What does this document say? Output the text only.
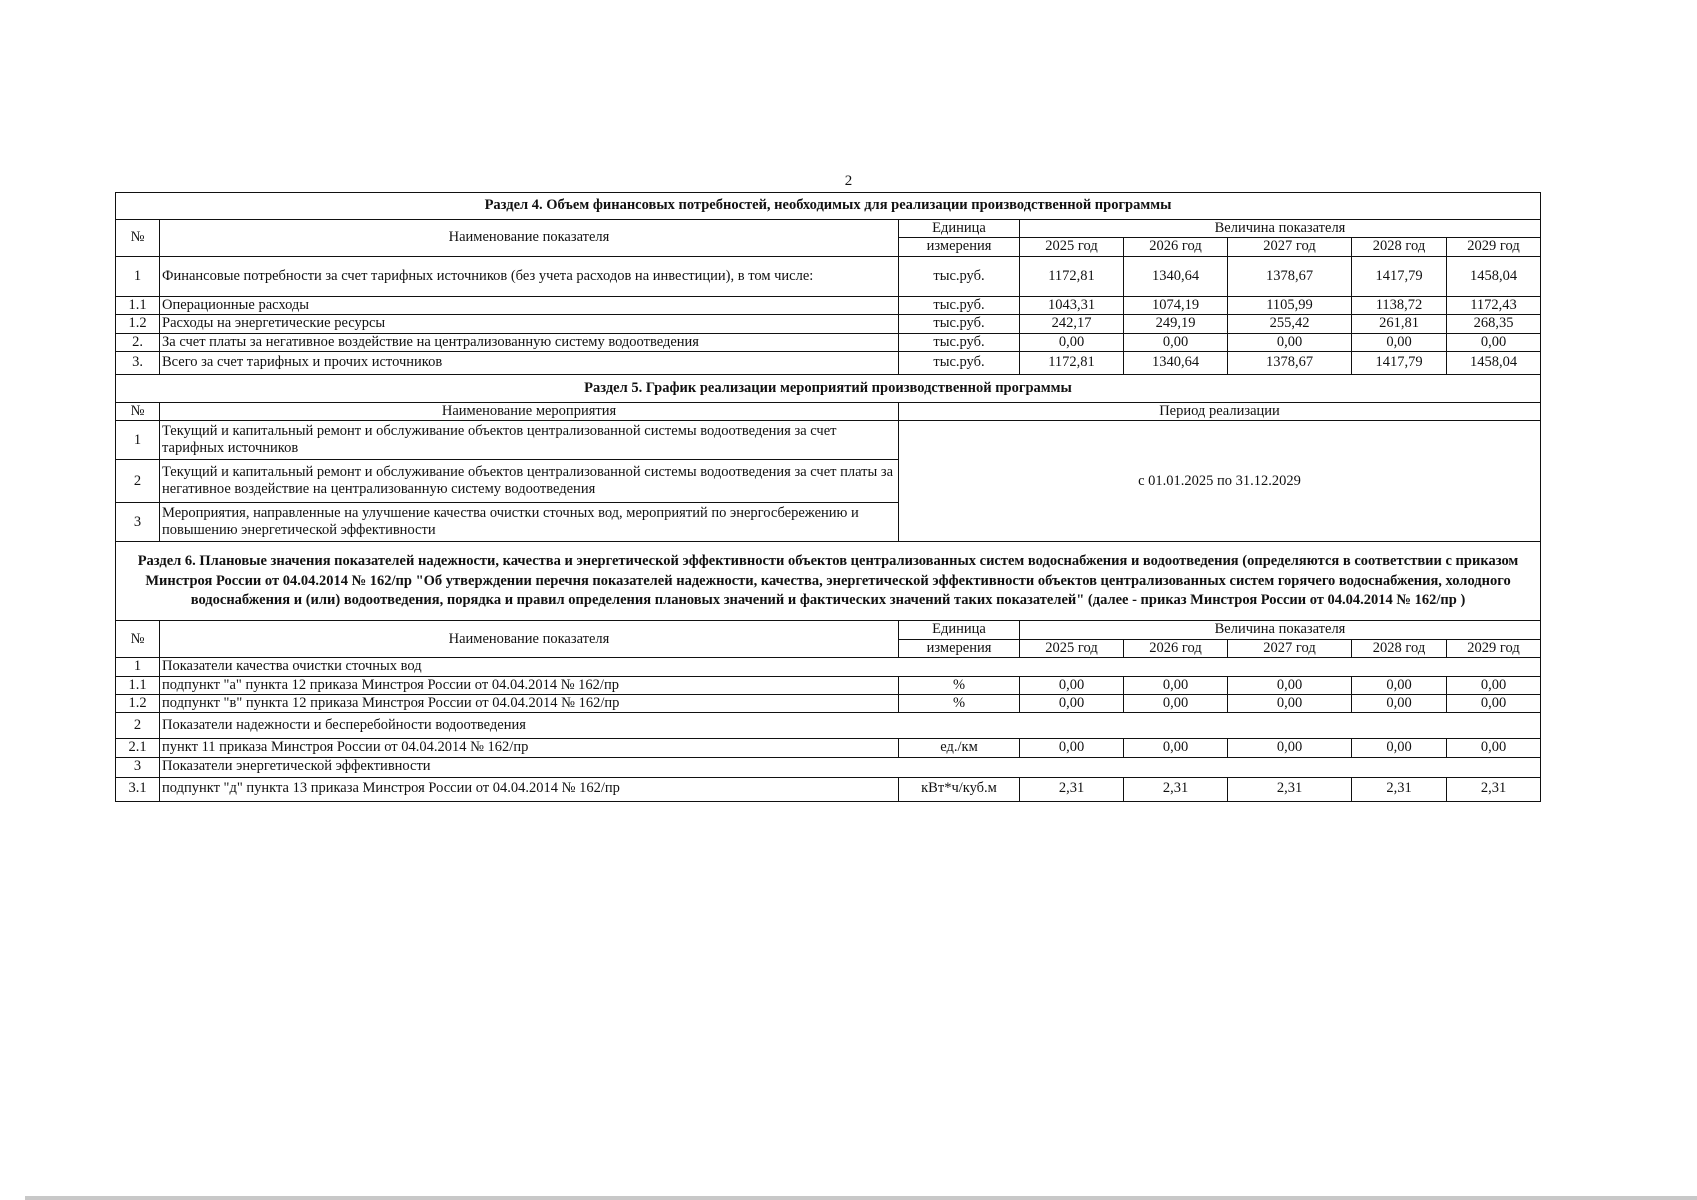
2
Раздел 4. Объем финансовых потребностей, необходимых для реализации производственной программы							
№	Наименование показателя	Единица	Величина показателя				
		измерения	2025 год	2026 год	2027 год	2028 год	2029 год
1	Финансовые потребности за счет тарифных источников (без учета расходов на инвестиции), в том числе:	тыс.руб.	1172,81	1340,64	1378,67	1417,79	1458,04
1.1	Операционные расходы	тыс.руб.	1043,31	1074,19	1105,99	1138,72	1172,43
1.2	Расходы на энергетические ресурсы	тыс.руб.	242,17	249,19	255,42	261,81	268,35
2.	За счет платы за негативное воздействие на централизованную систему водоотведения	тыс.руб.	0,00	0,00	0,00	0,00	0,00
3.	Всего за счет тарифных и прочих источников	тыс.руб.	1172,81	1340,64	1378,67	1417,79	1458,04
Раздел 5. График реализации мероприятий производственной программы							
№	Наименование мероприятия	Период реализации					
1	Текущий и капитальный ремонт и обслуживание объектов централизованной системы водоотведения за счет тарифных источников	с 01.01.2025 по 31.12.2029					
2	Текущий и капитальный ремонт и обслуживание объектов централизованной системы водоотведения за счет платы за негативное воздействие на централизованную систему водоотведения						
3	Мероприятия, направленные на улучшение качества очистки сточных вод, мероприятий по энергосбережению и повышению энергетической эффективности						
Раздел 6. Плановые значения показателей надежности, качества и энергетической эффективности объектов централизованных систем водоснабжения и водоотведения (определяются в соответствии с приказом Минстроя России от 04.04.2014 № 162/пр "Об утверждении перечня показателей надежности, качества, энергетической эффективности объектов централизованных систем горячего водоснабжения, холодного водоснабжения и (или) водоотведения, порядка и правил определения плановых значений и фактических значений таких показателей" (далее - приказ Минстроя России от 04.04.2014 № 162/пр )							
№	Наименование показателя	Единица	Величина показателя				
		измерения	2025 год	2026 год	2027 год	2028 год	2029 год
1	Показатели качества очистки сточных вод						
1.1	подпункт "а" пункта 12 приказа Минстроя России от 04.04.2014 № 162/пр	%	0,00	0,00	0,00	0,00	0,00
1.2	подпункт "в" пункта 12 приказа Минстроя России от 04.04.2014 № 162/пр	%	0,00	0,00	0,00	0,00	0,00
2	Показатели надежности и бесперебойности водоотведения						
2.1	пункт 11 приказа Минстроя России от 04.04.2014 № 162/пр	ед./км	0,00	0,00	0,00	0,00	0,00
3	Показатели энергетической эффективности						
3.1	подпункт "д" пункта 13 приказа Минстроя России от 04.04.2014 № 162/пр	кВт*ч/куб.м	2,31	2,31	2,31	2,31	2,31
